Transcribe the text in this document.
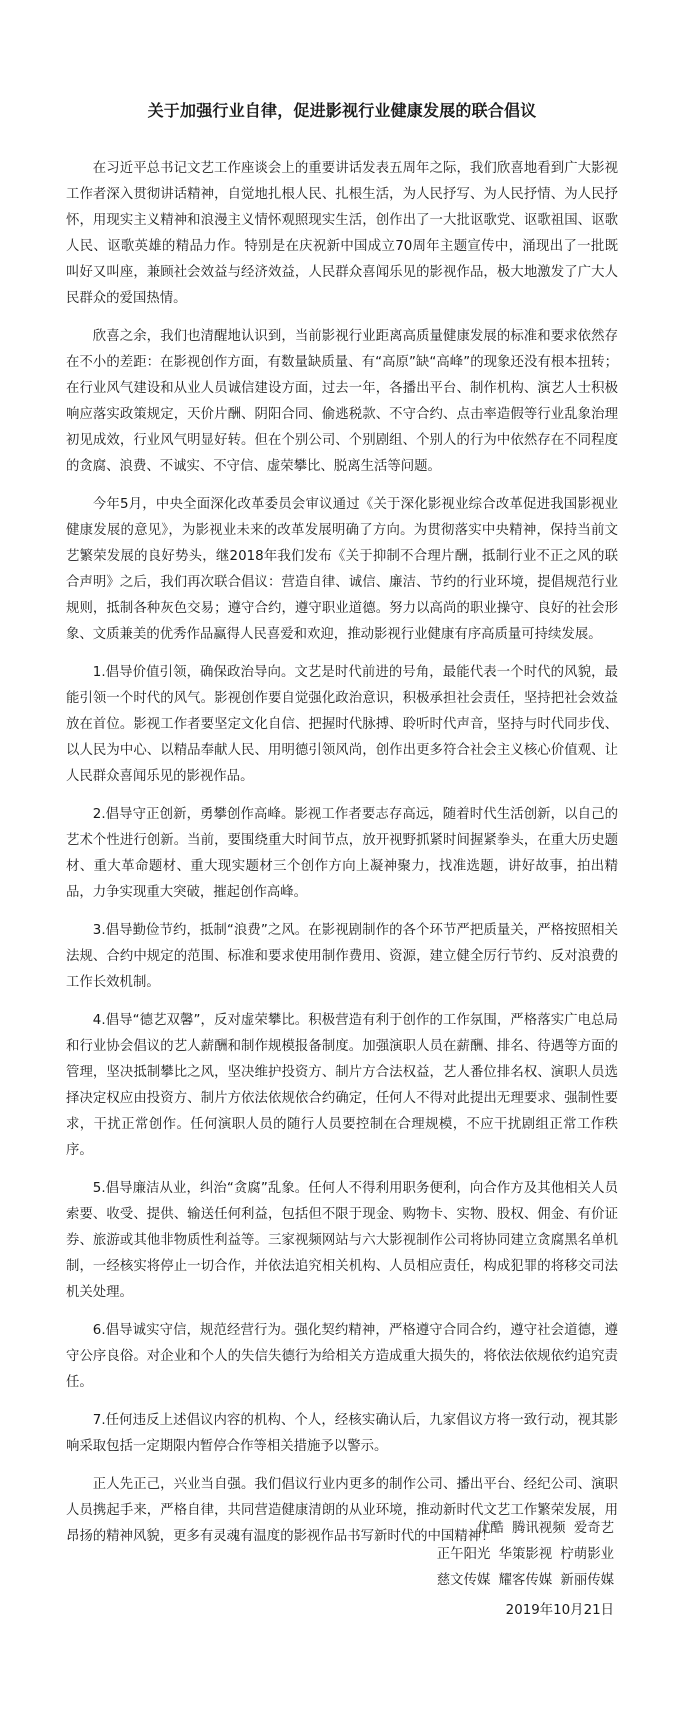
关于加强行业自律，促进影视行业健康发展的联合倡议

在习近平总书记文艺工作座谈会上的重要讲话发表五周年之际，我们欣喜地看到广大影视工作者深入贯彻讲话精神，自觉地扎根人民、扎根生活，为人民抒写、为人民抒情、为人民抒怀，用现实主义精神和浪漫主义情怀观照现实生活，创作出了一大批讴歌党、讴歌祖国、讴歌人民、讴歌英雄的精品力作。特别是在庆祝新中国成立70周年主题宣传中，涌现出了一批既叫好又叫座，兼顾社会效益与经济效益，人民群众喜闻乐见的影视作品，极大地激发了广大人民群众的爱国热情。

欣喜之余，我们也清醒地认识到，当前影视行业距离高质量健康发展的标准和要求依然存在不小的差距：在影视创作方面，有数量缺质量、有“高原”缺“高峰”的现象还没有根本扭转；在行业风气建设和从业人员诚信建设方面，过去一年，各播出平台、制作机构、演艺人士积极响应落实政策规定，天价片酬、阴阳合同、偷逃税款、不守合约、点击率造假等行业乱象治理初见成效，行业风气明显好转。但在个别公司、个别剧组、个别人的行为中依然存在不同程度的贪腐、浪费、不诚实、不守信、虚荣攀比、脱离生活等问题。

今年5月，中央全面深化改革委员会审议通过《关于深化影视业综合改革促进我国影视业健康发展的意见》，为影视业未来的改革发展明确了方向。为贯彻落实中央精神，保持当前文艺繁荣发展的良好势头，继2018年我们发布《关于抑制不合理片酬，抵制行业不正之风的联合声明》之后，我们再次联合倡议：营造自律、诚信、廉洁、节约的行业环境，提倡规范行业规则，抵制各种灰色交易；遵守合约，遵守职业道德。努力以高尚的职业操守、良好的社会形象、文质兼美的优秀作品赢得人民喜爱和欢迎，推动影视行业健康有序高质量可持续发展。

1.倡导价值引领，确保政治导向。文艺是时代前进的号角，最能代表一个时代的风貌，最能引领一个时代的风气。影视创作要自觉强化政治意识，积极承担社会责任，坚持把社会效益放在首位。影视工作者要坚定文化自信、把握时代脉搏、聆听时代声音，坚持与时代同步伐、以人民为中心、以精品奉献人民、用明德引领风尚，创作出更多符合社会主义核心价值观、让人民群众喜闻乐见的影视作品。

2.倡导守正创新，勇攀创作高峰。影视工作者要志存高远，随着时代生活创新，以自己的艺术个性进行创新。当前，要围绕重大时间节点，放开视野抓紧时间握紧拳头，在重大历史题材、重大革命题材、重大现实题材三个创作方向上凝神聚力，找准选题，讲好故事，拍出精品，力争实现重大突破，摧起创作高峰。

3.倡导勤俭节约，抵制“浪费”之风。在影视剧制作的各个环节严把质量关，严格按照相关法规、合约中规定的范围、标准和要求使用制作费用、资源，建立健全厉行节约、反对浪费的工作长效机制。

4.倡导“德艺双馨”，反对虚荣攀比。积极营造有利于创作的工作氛围，严格落实广电总局和行业协会倡议的艺人薪酬和制作规模报备制度。加强演职人员在薪酬、排名、待遇等方面的管理，坚决抵制攀比之风，坚决维护投资方、制片方合法权益，艺人番位排名权、演职人员选择决定权应由投资方、制片方依法依规依合约确定，任何人不得对此提出无理要求、强制性要求，干扰正常创作。任何演职人员的随行人员要控制在合理规模，不应干扰剧组正常工作秩序。

5.倡导廉洁从业，纠治“贪腐”乱象。任何人不得利用职务便利，向合作方及其他相关人员索要、收受、提供、输送任何利益，包括但不限于现金、购物卡、实物、股权、佣金、有价证券、旅游或其他非物质性利益等。三家视频网站与六大影视制作公司将协同建立贪腐黑名单机制，一经核实将停止一切合作，并依法追究相关机构、人员相应责任，构成犯罪的将移交司法机关处理。

6.倡导诚实守信，规范经营行为。强化契约精神，严格遵守合同合约，遵守社会道德，遵守公序良俗。对企业和个人的失信失德行为给相关方造成重大损失的，将依法依规依约追究责任。

7.任何违反上述倡议内容的机构、个人，经核实确认后，九家倡议方将一致行动，视其影响采取包括一定期限内暂停合作等相关措施予以警示。

正人先正己，兴业当自强。我们倡议行业内更多的制作公司、播出平台、经纪公司、演职人员携起手来，严格自律，共同营造健康清朗的从业环境，推动新时代文艺工作繁荣发展，用昂扬的精神风貌，更多有灵魂有温度的影视作品书写新时代的中国精神！

优酷 腾讯视频 爱奇艺
正午阳光 华策影视 柠萌影业
慈文传媒 耀客传媒 新丽传媒
2019年10月21日
